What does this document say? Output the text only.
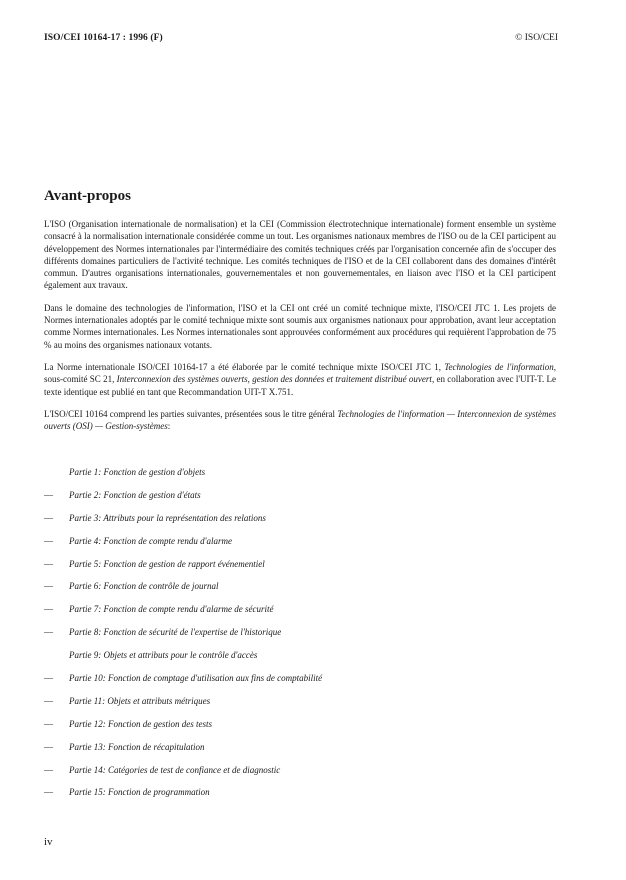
ISO/CEI 10164-17 : 1996 (F)	© ISO/CEI
Avant-propos

L'ISO (Organisation internationale de normalisation) et la CEI (Commission électrotechnique internationale) forment ensemble un système consacré à la normalisation internationale considérée comme un tout. Les organismes nationaux membres de l'ISO ou de la CEI participent au développement des Normes internationales par l'intermédiaire des comités techniques créés par l'organisation concernée afin de s'occuper des différents domaines particuliers de l'activité technique. Les comités techniques de l'ISO et de la CEI collaborent dans des domaines d'intérêt commun. D'autres organisations internationales, gouvernementales et non gouvernementales, en liaison avec l'ISO et la CEI participent également aux travaux.

Dans le domaine des technologies de l'information, l'ISO et la CEI ont créé un comité technique mixte, l'ISO/CEI JTC 1. Les projets de Normes internationales adoptés par le comité technique mixte sont soumis aux organismes nationaux pour approbation, avant leur acceptation comme Normes internationales. Les Normes internationales sont approuvées conformément aux procédures qui requièrent l'approbation de 75 % au moins des organismes nationaux votants.

La Norme internationale ISO/CEI 10164-17 a été élaborée par le comité technique mixte ISO/CEI JTC 1, Technologies de l'information, sous-comité SC 21, Interconnexion des systèmes ouverts, gestion des données et traitement distribué ouvert, en collaboration avec l'UIT-T. Le texte identique est publié en tant que Recommandation UIT-T X.751.

L'ISO/CEI 10164 comprend les parties suivantes, présentées sous le titre général Technologies de l'information — Interconnexion de systèmes ouverts (OSI) — Gestion-systèmes:

Partie 1: Fonction de gestion d'objets
—	Partie 2: Fonction de gestion d'états
—	Partie 3: Attributs pour la représentation des relations
—	Partie 4: Fonction de compte rendu d'alarme
—	Partie 5: Fonction de gestion de rapport événementiel
—	Partie 6: Fonction de contrôle de journal
—	Partie 7: Fonction de compte rendu d'alarme de sécurité
—	Partie 8: Fonction de sécurité de l'expertise de l'historique
Partie 9: Objets et attributs pour le contrôle d'accès
—	Partie 10: Fonction de comptage d'utilisation aux fins de comptabilité
—	Partie 11: Objets et attributs métriques
—	Partie 12: Fonction de gestion des tests
—	Partie 13: Fonction de récapitulation
—	Partie 14: Catégories de test de confiance et de diagnostic
—	Partie 15: Fonction de programmation
iv
